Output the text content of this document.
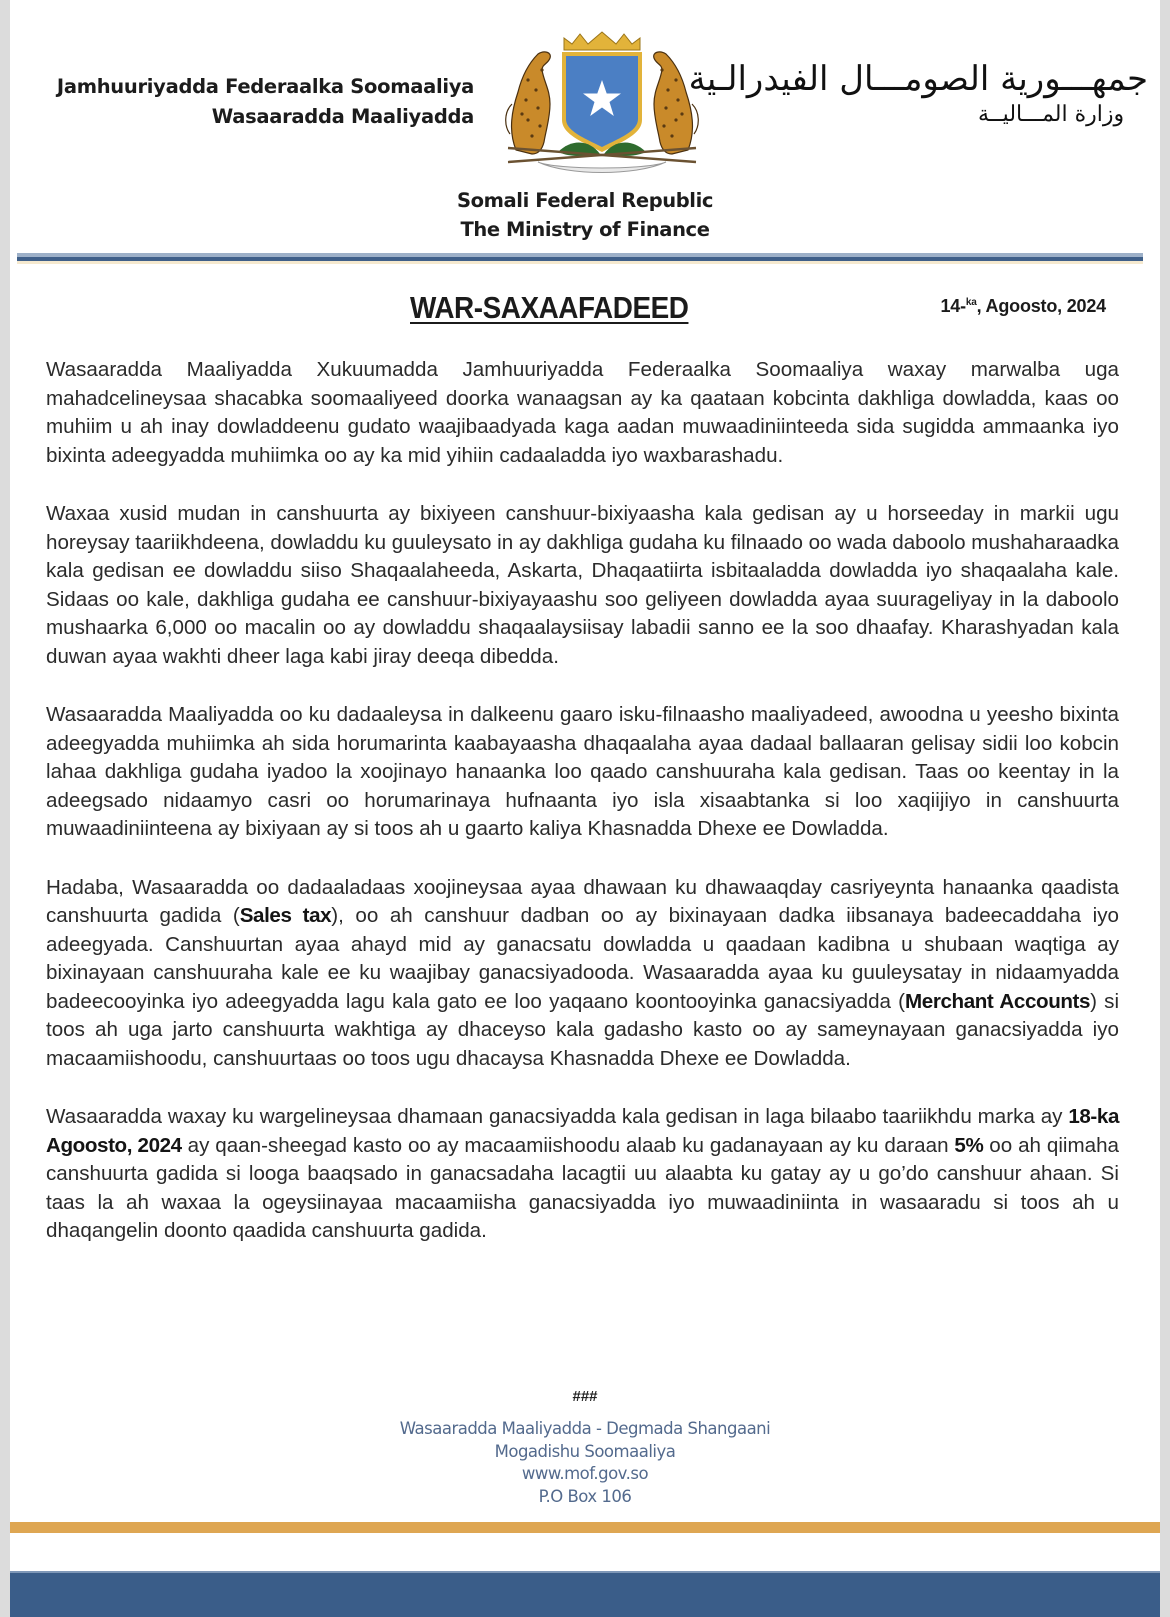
Jamhuuriyadda Federaalka Soomaaliya
Wasaaradda Maaliyadda
جمهـــورية الصومـــال الفيدرالـية
وزارة المـــاليــة
Somali Federal Republic
The Ministry of Finance
WAR-SAXAAFADEED	14-$^{ka}$, Agoosto, 2024

Wasaaradda Maaliyadda Xukuumadda Jamhuuriyadda Federaalka Soomaaliya waxay marwalba uga mahadcelineysaa shacabka soomaaliyeed doorka wanaagsan ay ka qaataan kobcinta dakhliga dowladda, kaas oo muhiim u ah inay dowladdeenu gudato waajibaadyada kaga aadan muwaadiniinteeda sida sugidda ammaanka iyo bixinta adeegyadda muhiimka oo ay ka mid yihiin cadaaladda iyo waxbarashadu.

Waxaa xusid mudan in canshuurta ay bixiyeen canshuur-bixiyaasha kala gedisan ay u horseeday in markii ugu horeysay taariikhdeena, dowladdu ku guuleysato in ay dakhliga gudaha ku filnaado oo wada daboolo mushaharaadka kala gedisan ee dowladdu siiso Shaqaalaheeda, Askarta, Dhaqaatiirta isbitaaladda dowladda iyo shaqaalaha kale. Sidaas oo kale, dakhliga gudaha ee canshuur-bixiyayaashu soo geliyeen dowladda ayaa suurageliyay in la daboolo mushaarka 6,000 oo macalin oo ay dowladdu shaqaalaysiisay labadii sanno ee la soo dhaafay. Kharashyadan kala duwan ayaa wakhti dheer laga kabi jiray deeqa dibedda.

Wasaaradda Maaliyadda oo ku dadaaleysa in dalkeenu gaaro isku-filnaasho maaliyadeed, awoodna u yeesho bixinta adeegyadda muhiimka ah sida horumarinta kaabayaasha dhaqaalaha ayaa dadaal ballaaran gelisay sidii loo kobcin lahaa dakhliga gudaha iyadoo la xoojinayo hanaanka loo qaado canshuuraha kala gedisan. Taas oo keentay in la adeegsado nidaamyo casri oo horumarinaya hufnaanta iyo isla xisaabtanka si loo xaqiijiyo in canshuurta muwaadiniinteena ay bixiyaan ay si toos ah u gaarto kaliya Khasnadda Dhexe ee Dowladda.

Hadaba, Wasaaradda oo dadaaladaas xoojineysaa ayaa dhawaan ku dhawaaqday casriyeynta hanaanka qaadista canshuurta gadida (Sales tax), oo ah canshuur dadban oo ay bixinayaan dadka iibsanaya badeecaddaha iyo adeegyada. Canshuurtan ayaa ahayd mid ay ganacsatu dowladda u qaadaan kadibna u shubaan waqtiga ay bixinayaan canshuuraha kale ee ku waajibay ganacsiyadooda. Wasaaradda ayaa ku guuleysatay in nidaamyadda badeecooyinka iyo adeegyadda lagu kala gato ee loo yaqaano koontooyinka ganacsiyadda (Merchant Accounts) si toos ah uga jarto canshuurta wakhtiga ay dhaceyso kala gadasho kasto oo ay sameynayaan ganacsiyadda iyo macaamiishoodu, canshuurtaas oo toos ugu dhacaysa Khasnadda Dhexe ee Dowladda.

Wasaaradda waxay ku wargelineysaa dhamaan ganacsiyadda kala gedisan in laga bilaabo taariikhdu marka ay 18-ka Agoosto, 2024 ay qaan-sheegad kasto oo ay macaamiishoodu alaab ku gadanayaan ay ku daraan 5% oo ah qiimaha canshuurta gadida si looga baaqsado in ganacsadaha lacagtii uu alaabta ku gatay ay u go’do canshuur ahaan. Si taas la ah waxaa la ogeysiinayaa macaamiisha ganacsiyadda iyo muwaadiniinta in wasaaradu si toos ah u dhaqangelin doonto qaadida canshuurta gadida.

###
Wasaaradda Maaliyadda - Degmada Shangaani
Mogadishu Soomaaliya
www.mof.gov.so
P.O Box 106
